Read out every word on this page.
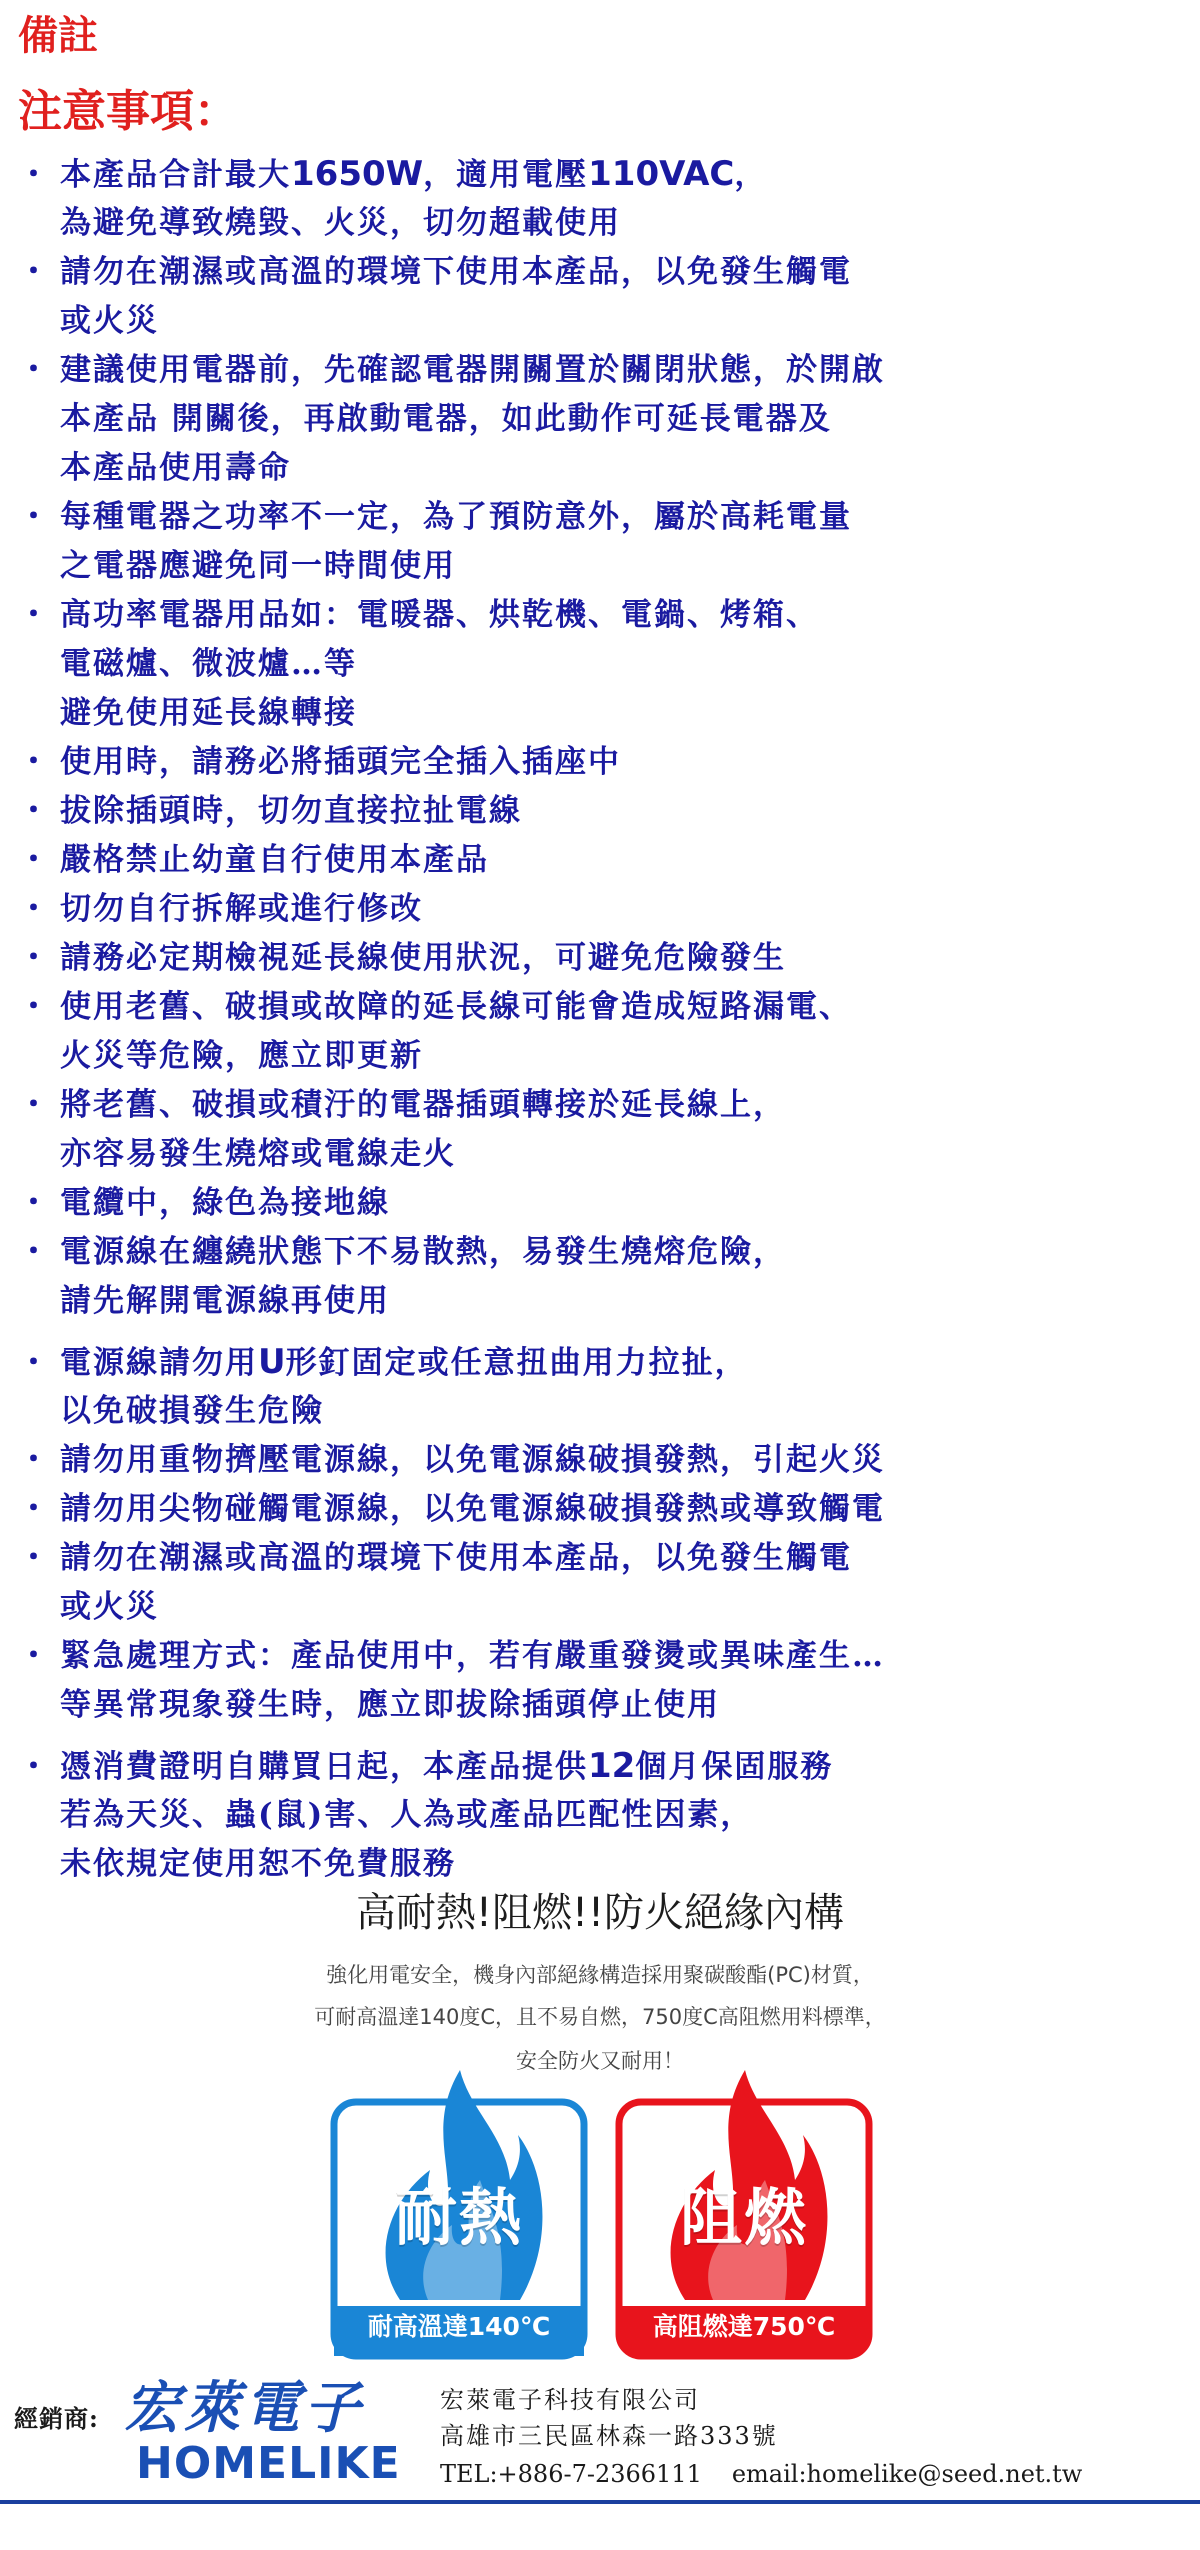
備註
注意事項：
・ 本產品合計最大1650W，適用電壓110VAC，
為避免導致燒毀、火災，切勿超載使用
・ 請勿在潮濕或高溫的環境下使用本產品，以免發生觸電
或火災
・ 建議使用電器前，先確認電器開關置於關閉狀態，於開啟
本產品 開關後，再啟動電器，如此動作可延長電器及
本產品使用壽命
・ 每種電器之功率不一定，為了預防意外，屬於高耗電量
之電器應避免同一時間使用
・ 高功率電器用品如：電暖器、烘乾機、電鍋、烤箱、
電磁爐、微波爐…等
避免使用延長線轉接
・ 使用時，請務必將插頭完全插入插座中
・ 拔除插頭時，切勿直接拉扯電線
・ 嚴格禁止幼童自行使用本產品
・ 切勿自行拆解或進行修改
・ 請務必定期檢視延長線使用狀況，可避免危險發生
・ 使用老舊、破損或故障的延長線可能會造成短路漏電、
火災等危險，應立即更新
・ 將老舊、破損或積汙的電器插頭轉接於延長線上，
亦容易發生燒熔或電線走火
・ 電纜中，綠色為接地線
・ 電源線在纏繞狀態下不易散熱，易發生燒熔危險，
請先解開電源線再使用
・ 電源線請勿用U形釘固定或任意扭曲用力拉扯，
以免破損發生危險
・ 請勿用重物擠壓電源線，以免電源線破損發熱，引起火災
・ 請勿用尖物碰觸電源線，以免電源線破損發熱或導致觸電
・ 請勿在潮濕或高溫的環境下使用本產品，以免發生觸電
或火災
・ 緊急處理方式：產品使用中，若有嚴重發燙或異味產生…
等異常現象發生時，應立即拔除插頭停止使用
・ 憑消費證明自購買日起，本產品提供12個月保固服務
若為天災、蟲(鼠)害、人為或產品匹配性因素，
未依規定使用恕不免費服務
高耐熱!阻燃!!防火絕緣內構
強化用電安全，機身內部絕緣構造採用聚碳酸酯(PC)材質，
可耐高溫達140度C，且不易自燃，750度C高阻燃用料標準，
安全防火又耐用！
耐熱
耐高溫達140℃
阻燃
高阻燃達750℃
經銷商: 宏萊電子
HOMELIKE
宏萊電子科技有限公司
高雄市三民區林森一路333號
TEL:+886-7-2366111 email:homelike@seed.net.tw
